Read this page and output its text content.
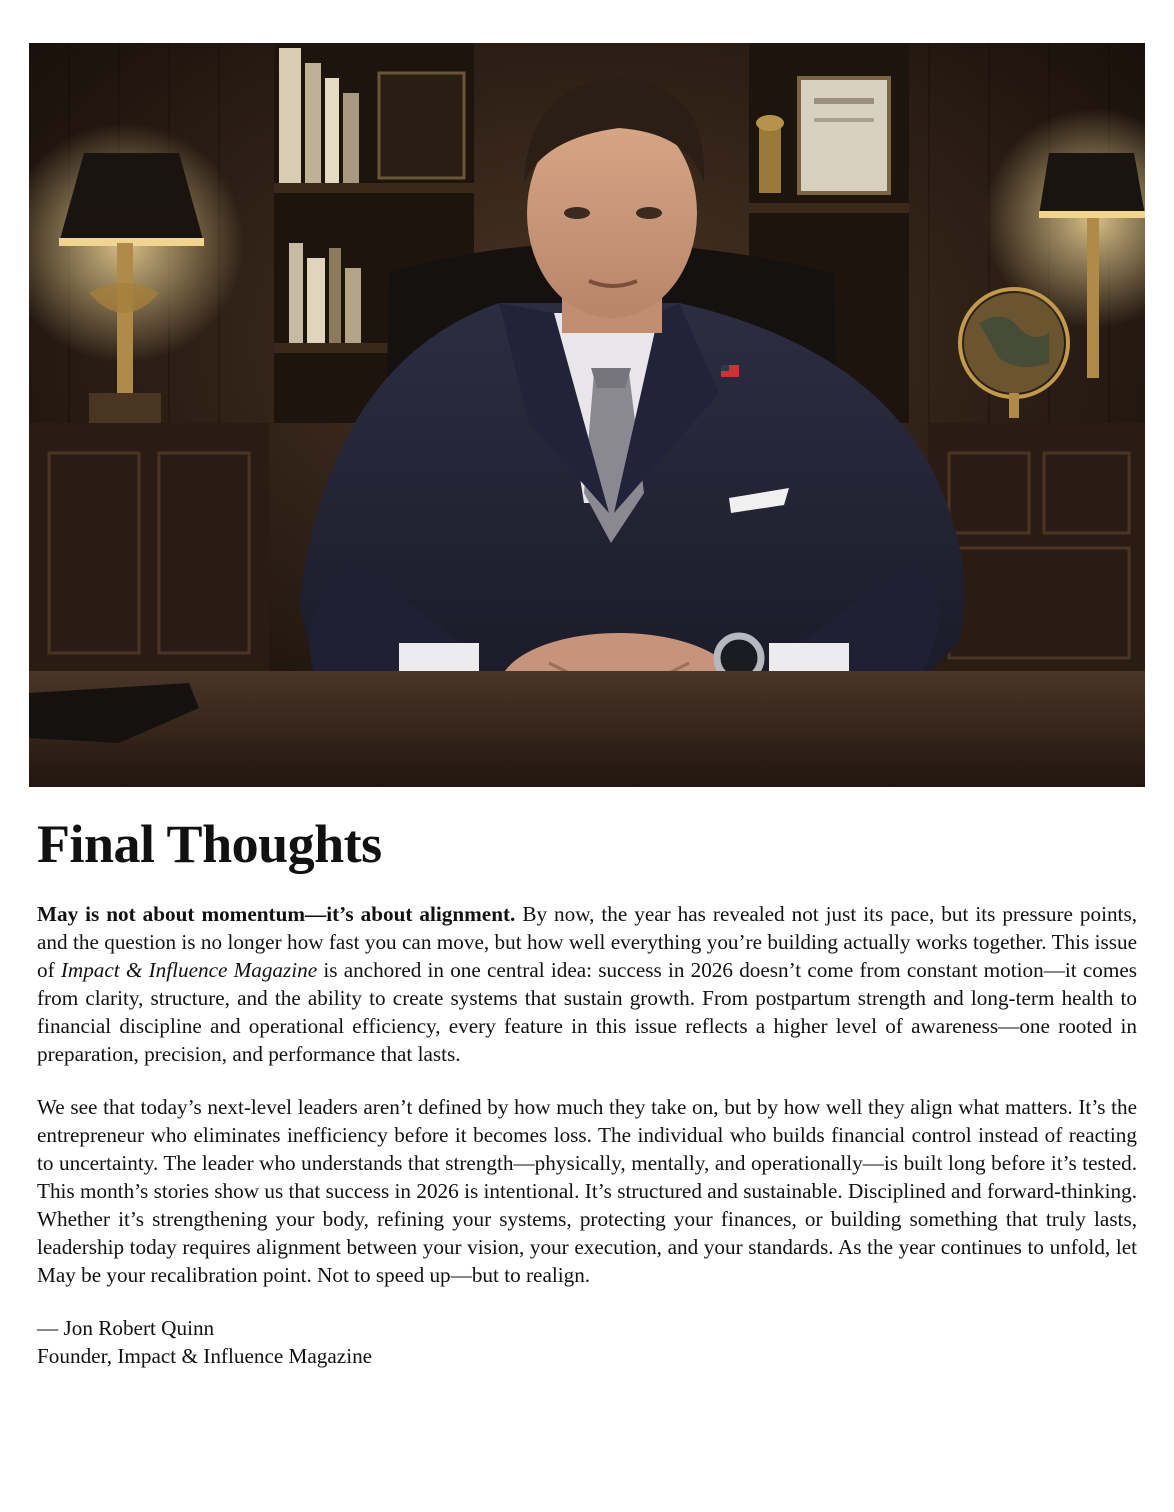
Final Thoughts

May is not about momentum—it’s about alignment. By now, the year has revealed not just its pace, but its pressure points, and the question is no longer how fast you can move, but how well everything you’re building actually works together. This issue of Impact & Influence Magazine is anchored in one central idea: success in 2026 doesn’t come from constant motion—it comes from clarity, structure, and the ability to create systems that sustain growth. From postpartum strength and long-term health to financial discipline and operational efficiency, every feature in this issue reflects a higher level of awareness—one rooted in preparation, precision, and performance that lasts.

We see that today’s next-level leaders aren’t defined by how much they take on, but by how well they align what matters. It’s the entrepreneur who eliminates inefficiency before it becomes loss. The individual who builds financial control instead of reacting to uncertainty. The leader who understands that strength—physically, mentally, and operationally—is built long before it’s tested. This month’s stories show us that success in 2026 is intentional. It’s structured and sustainable. Disciplined and forward-thinking. Whether it’s strengthening your body, refining your systems, protecting your finances, or building something that truly lasts, leadership today requires alignment between your vision, your execution, and your standards. As the year continues to unfold, let May be your recalibration point. Not to speed up—but to realign.

— Jon Robert Quinn
Founder, Impact & Influence Magazine
